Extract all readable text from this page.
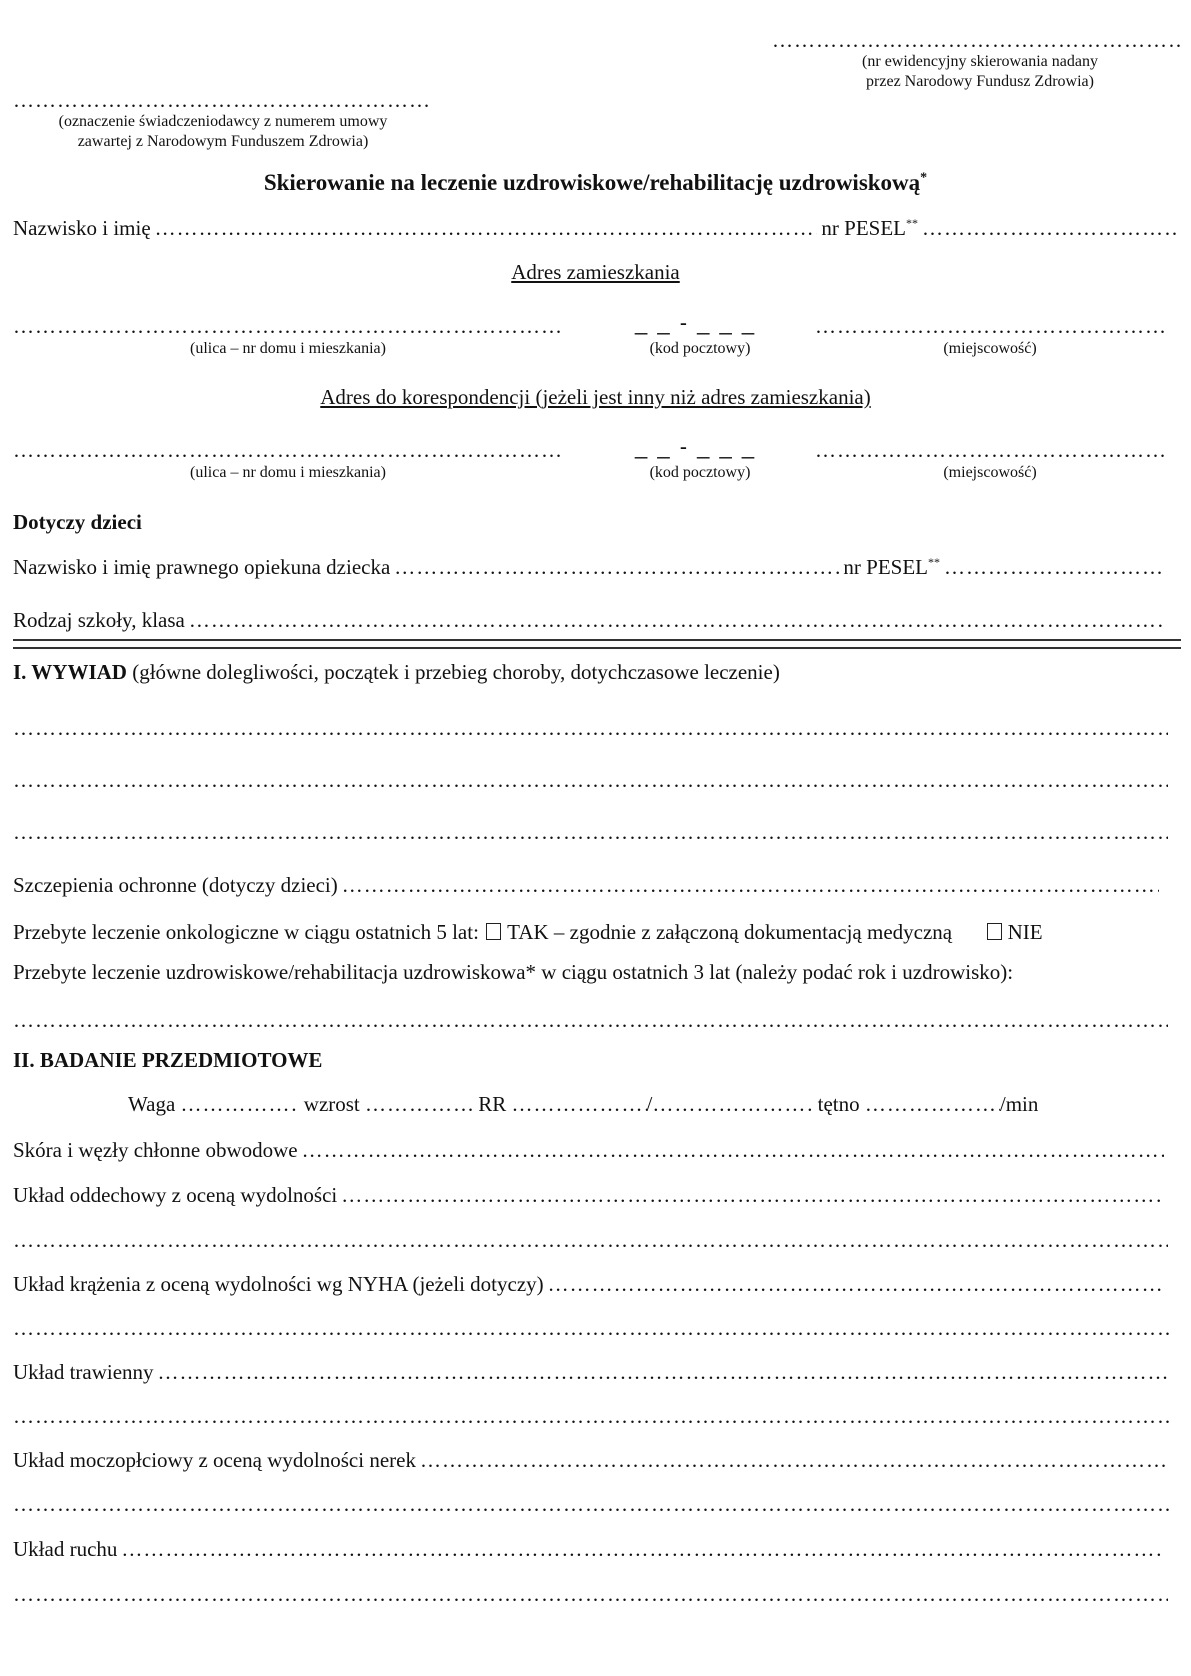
…………………………………………………………………………………………………………………………………………………………………………………………………………………………………………………………………………………………………………
(nr ewidencyjny skierowania nadany
przez Narodowy Fundusz Zdrowia)
…………………………………………………………………………………………………………………………………………………………………………………………………………………………………………………………………………………………………………
(oznaczenie świadczeniodawcy z numerem umowy
zawartej z Narodowym Funduszem Zdrowia)
Skierowanie na leczenie uzdrowiskowe/rehabilitację uzdrowiskową*
Nazwisko i imię …………………………………………………………………………………………………………………………………………………………………………………………………………………………………………………………………………………………………………	nr PESEL**
…………………………………………………………………………………………………………………………………………………………………………………………………………………………………………………………………………………………………………
Adres zamieszkania
…………………………………………………………………………………………………………………………………………………………………………………………………………………………………………………………………………………………………………
_ _ - _ _ _
…………………………………………………………………………………………………………………………………………………………………………………………………………………………………………………………………………………………………………
(ulica – nr domu i mieszkania)	(kod pocztowy)	(miejscowość)
Adres do korespondencji (jeżeli jest inny niż adres zamieszkania)
…………………………………………………………………………………………………………………………………………………………………………………………………………………………………………………………………………………………………………
_ _ - _ _ _
…………………………………………………………………………………………………………………………………………………………………………………………………………………………………………………………………………………………………………
(ulica – nr domu i mieszkania)	(kod pocztowy)	(miejscowość)
Dotyczy dzieci
Nazwisko i imię prawnego opiekuna dziecka …………………………………………………………………………………………………………………………………………………………………………………………………………………………………………………………………………………………………………	nr PESEL**
…………………………………………………………………………………………………………………………………………………………………………………………………………………………………………………………………………………………………………
Rodzaj szkoły, klasa
…………………………………………………………………………………………………………………………………………………………………………………………………………………………………………………………………………………………………………
I. WYWIAD (główne dolegliwości, początek i przebieg choroby, dotychczasowe leczenie)
…………………………………………………………………………………………………………………………………………………………………………………………………………………………………………………………………………………………………………
…………………………………………………………………………………………………………………………………………………………………………………………………………………………………………………………………………………………………………
…………………………………………………………………………………………………………………………………………………………………………………………………………………………………………………………………………………………………………
Szczepienia ochronne (dotyczy dzieci)
…………………………………………………………………………………………………………………………………………………………………………………………………………………………………………………………………………………………………………
Przebyte leczenie onkologiczne w ciągu ostatnich 5 lat: TAK – zgodnie z załączoną dokumentacją medyczną	NIE
Przebyte leczenie uzdrowiskowe/rehabilitacja uzdrowiskowa* w ciągu ostatnich 3 lat (należy podać rok i uzdrowisko):
…………………………………………………………………………………………………………………………………………………………………………………………………………………………………………………………………………………………………………
II. BADANIE PRZEDMIOTOWE
Waga …………………………………………………………………………………………………………………………………………………………………………………………………………………………………………………………………………………………………………	wzrost …………………………………………………………………………………………………………………………………………………………………………………………………………………………………………………………………………………………………………	RR …………………………………………………………………………………………………………………………………………………………………………………………………………………………………………………………………………………………………………	/ …………………………………………………………………………………………………………………………………………………………………………………………………………………………………………………………………………………………………………	tętno …………………………………………………………………………………………………………………………………………………………………………………………………………………………………………………………………………………………………………	/min
Skóra i węzły chłonne obwodowe
…………………………………………………………………………………………………………………………………………………………………………………………………………………………………………………………………………………………………………
Układ oddechowy z oceną wydolności
…………………………………………………………………………………………………………………………………………………………………………………………………………………………………………………………………………………………………………
…………………………………………………………………………………………………………………………………………………………………………………………………………………………………………………………………………………………………………
Układ krążenia z oceną wydolności wg NYHA (jeżeli dotyczy)
…………………………………………………………………………………………………………………………………………………………………………………………………………………………………………………………………………………………………………
…………………………………………………………………………………………………………………………………………………………………………………………………………………………………………………………………………………………………………
Układ trawienny
…………………………………………………………………………………………………………………………………………………………………………………………………………………………………………………………………………………………………………
…………………………………………………………………………………………………………………………………………………………………………………………………………………………………………………………………………………………………………
Układ moczopłciowy z oceną wydolności nerek
…………………………………………………………………………………………………………………………………………………………………………………………………………………………………………………………………………………………………………
…………………………………………………………………………………………………………………………………………………………………………………………………………………………………………………………………………………………………………
Układ ruchu
…………………………………………………………………………………………………………………………………………………………………………………………………………………………………………………………………………………………………………
…………………………………………………………………………………………………………………………………………………………………………………………………………………………………………………………………………………………………………
